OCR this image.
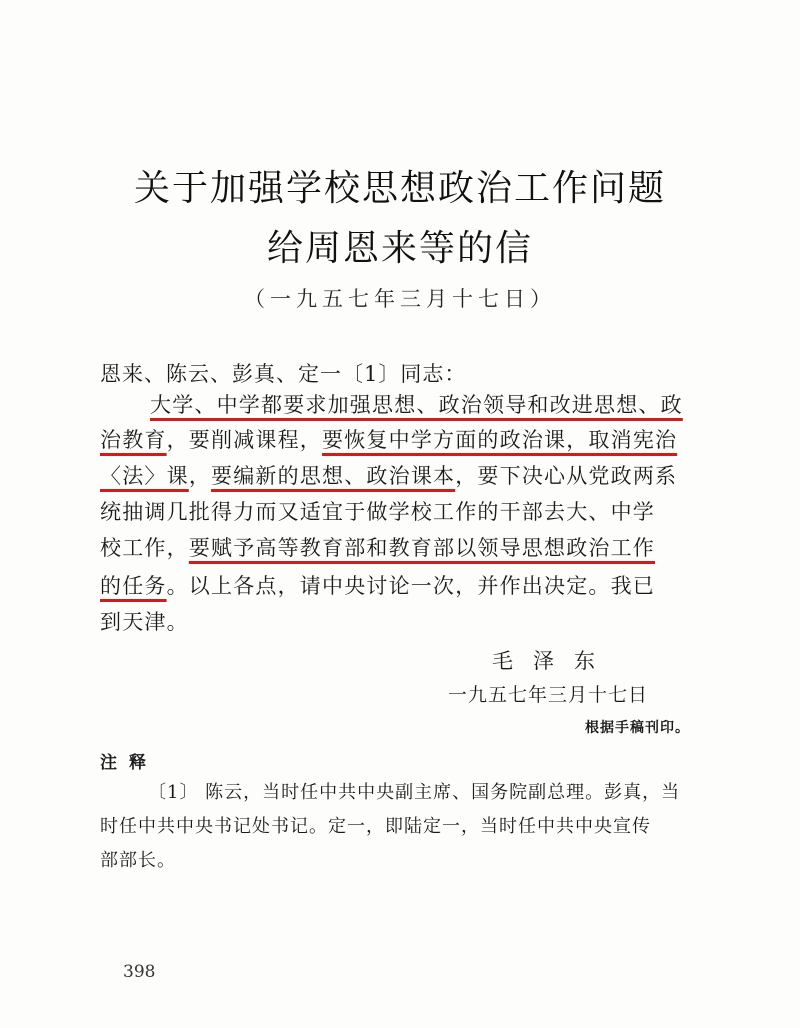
关于加强学校思想政治工作问题
给周恩来等的信
（一九五七年三月十七日）
恩来、陈云、彭真、定一〔1〕同志：
大学、中学都要求加强思想、政治领导和改进思想、政
治教育，要削减课程，要恢复中学方面的政治课，取消宪治
〈法〉课，要编新的思想、政治课本，要下决心从党政两系
统抽调几批得力而又适宜于做学校工作的干部去大、中学
校工作，要赋予高等教育部和教育部以领导思想政治工作
的任务。以上各点，请中央讨论一次，并作出决定。我已
到天津。
毛泽东
一九五七年三月十七日
根据手稿刊印。
注释
〔1〕 陈云，当时任中共中央副主席、国务院副总理。彭真，当
时任中共中央书记处书记。定一，即陆定一，当时任中共中央宣传
部部长。
398
